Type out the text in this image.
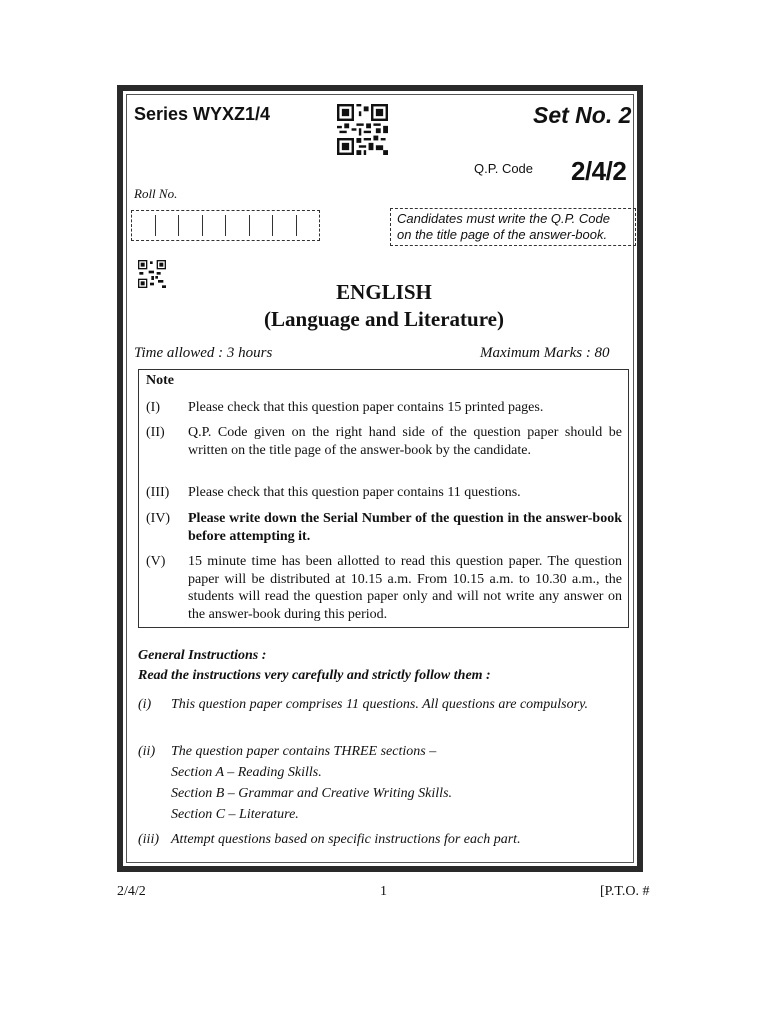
Series WYXZ1/4	Set No. 2
Q.P. Code 2/4/2
Roll No.
Candidates must write the Q.P. Code
on the title page of the answer-book.
ENGLISH
(Language and Literature)
Time allowed : 3 hours	Maximum Marks : 80
Note
(I) Please check that this question paper contains 15 printed pages.
(II) Q.P. Code given on the right hand side of the question paper should be written on the title page of the answer-book by the candidate.
(III) Please check that this question paper contains 11 questions.
(IV) Please write down the Serial Number of the question in the answer-book before attempting it.
(V) 15 minute time has been allotted to read this question paper. The question paper will be distributed at 10.15 a.m. From 10.15 a.m. to 10.30 a.m., the students will read the question paper only and will not write any answer on the answer-book during this period.
General Instructions :
Read the instructions very carefully and strictly follow them :
(i) This question paper comprises 11 questions. All questions are compulsory.
(ii) The question paper contains THREE sections –
Section A – Reading Skills.
Section B – Grammar and Creative Writing Skills.
Section C – Literature.
(iii) Attempt questions based on specific instructions for each part.
2/4/2	1	[P.T.O. #
